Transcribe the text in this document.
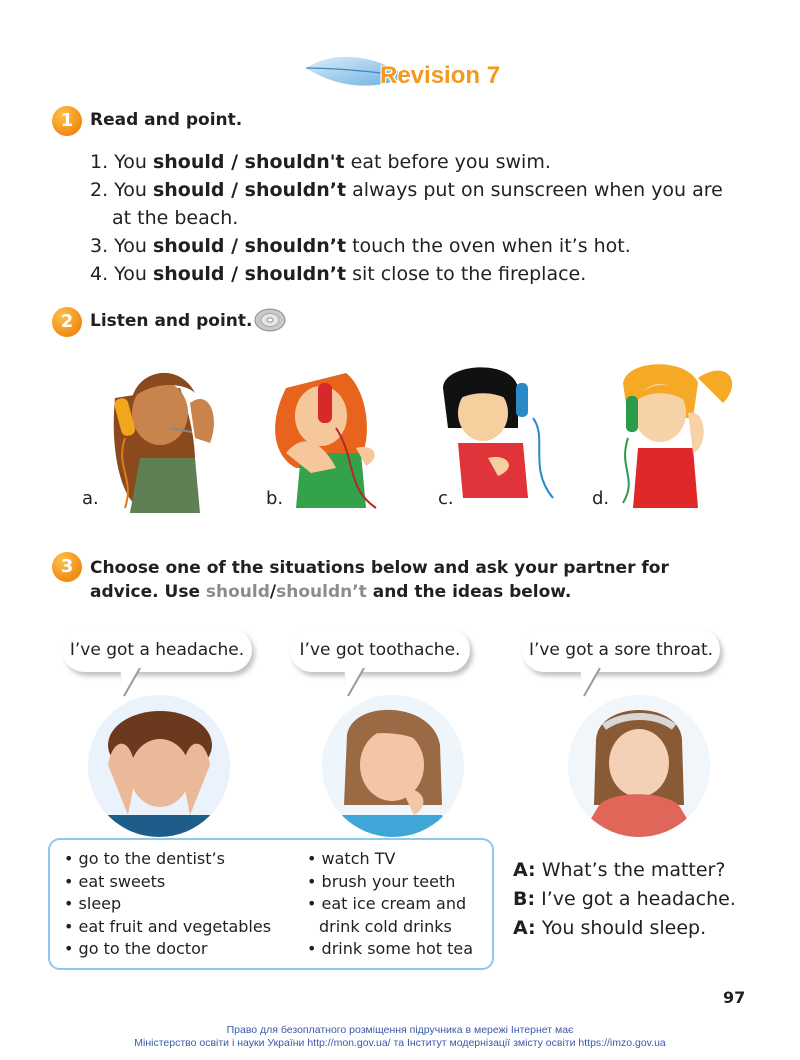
Revision 7
1 Read and point.
1. You should / shouldn't eat before you swim.
2. You should / shouldn’t always put on sunscreen when you are at the beach.
3. You should / shouldn’t touch the oven when it’s hot.
4. You should / shouldn’t sit close to the fireplace.
2 Listen and point.
a.	b.	c.	d.
3 Choose one of the situations below and ask your partner for advice. Use should/shouldn’t and the ideas below.
I’ve got a headache.	I’ve got toothache.	I’ve got a sore throat.
• go to the dentist’s
• eat sweets
• sleep
• eat fruit and vegetables
• go to the doctor
• watch TV
• brush your teeth
• eat ice cream and drink cold drinks
• drink some hot tea
A: What’s the matter?
B: I’ve got a headache.
A: You should sleep.
97
Право для безоплатного розміщення підручника в мережі Інтернет має
Міністерство освіти і науки України http://mon.gov.ua/ та Інститут модернізації змісту освіти https://imzo.gov.ua
